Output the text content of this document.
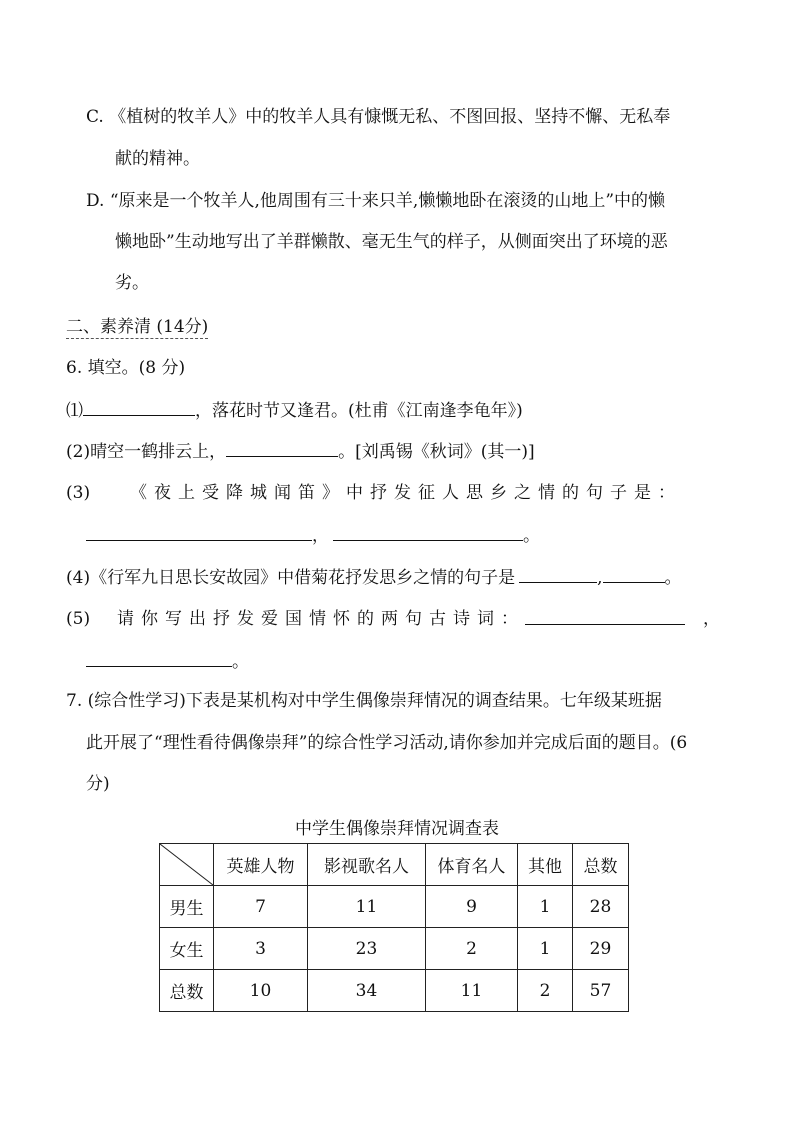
C. 《植树的牧羊人》中的牧羊人具有慷慨无私、不图回报、坚持不懈、无私奉
献的精神。
D. “原来是一个牧羊人,他周围有三十来只羊,懒懒地卧在滚烫的山地上”中的懒
懒地卧”生动地写出了羊群懒散、毫无生气的样子，从侧面突出了环境的恶
劣。
二、素养清 (14分)
6. 填空。(8 分)
⑴	，落花时节又逢君。(杜甫《江南逢李龟年》)
(2)晴空一鹤排云上，	。[刘禹锡《秋词》(其一)]
(3) 《夜上受降城闻笛》中抒发征人思乡之情的句子是：
，	。
(4)《行军九日思长安故园》中借菊花抒发思乡之情的句子是	,	。
(5) 请你写出抒发爱国情怀的两句古诗词：	，
。
7. (综合性学习)下表是某机构对中学生偶像崇拜情况的调查结果。七年级某班据
此开展了“理性看待偶像崇拜”的综合性学习活动,请你参加并完成后面的题目。(6
分)
中学生偶像崇拜情况调查表
	英雄人物	影视歌名人	体育名人	其他	总数
男生	7	11	9	1	28
女生	3	23	2	1	29
总数	10	34	11	2	57
